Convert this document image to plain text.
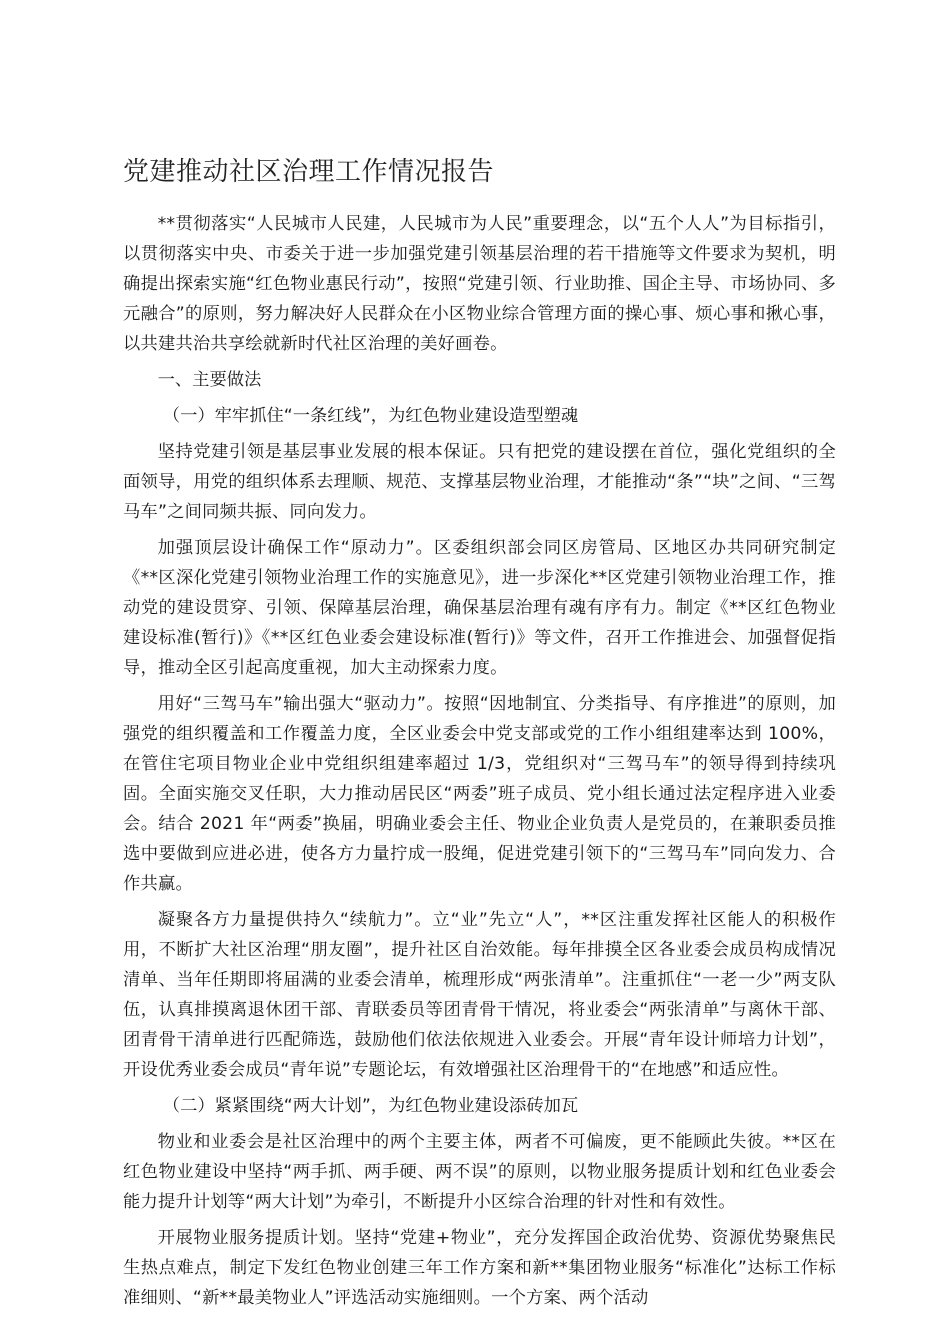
党建推动社区治理工作情况报告

**贯彻落实“人民城市人民建，人民城市为人民”重要理念，以“五个人人”为目标指引，以贯彻落实中央、市委关于进一步加强党建引领基层治理的若干措施等文件要求为契机，明确提出探索实施“红色物业惠民行动”，按照“党建引领、行业助推、国企主导、市场协同、多元融合”的原则，努力解决好人民群众在小区物业综合管理方面的操心事、烦心事和揪心事，以共建共治共享绘就新时代社区治理的美好画卷。

一、主要做法

（一）牢牢抓住“一条红线”，为红色物业建设造型塑魂

坚持党建引领是基层事业发展的根本保证。只有把党的建设摆在首位，强化党组织的全面领导，用党的组织体系去理顺、规范、支撑基层物业治理，才能推动“条”“块”之间、“三驾马车”之间同频共振、同向发力。

加强顶层设计确保工作“原动力”。区委组织部会同区房管局、区地区办共同研究制定《**区深化党建引领物业治理工作的实施意见》，进一步深化**区党建引领物业治理工作，推动党的建设贯穿、引领、保障基层治理，确保基层治理有魂有序有力。制定《**区红色物业建设标准(暂行)》《**区红色业委会建设标准(暂行)》等文件，召开工作推进会、加强督促指导，推动全区引起高度重视，加大主动探索力度。

用好“三驾马车”输出强大“驱动力”。按照“因地制宜、分类指导、有序推进”的原则，加强党的组织覆盖和工作覆盖力度，全区业委会中党支部或党的工作小组组建率达到 100%，在管住宅项目物业企业中党组织组建率超过 1/3，党组织对“三驾马车”的领导得到持续巩固。全面实施交叉任职，大力推动居民区“两委”班子成员、党小组长通过法定程序进入业委会。结合 2021 年“两委”换届，明确业委会主任、物业企业负责人是党员的，在兼职委员推选中要做到应进必进，使各方力量拧成一股绳，促进党建引领下的“三驾马车”同向发力、合作共赢。

凝聚各方力量提供持久“续航力”。立“业”先立“人”，**区注重发挥社区能人的积极作用，不断扩大社区治理“朋友圈”，提升社区自治效能。每年排摸全区各业委会成员构成情况清单、当年任期即将届满的业委会清单，梳理形成“两张清单”。注重抓住“一老一少”两支队伍，认真排摸离退休团干部、青联委员等团青骨干情况，将业委会“两张清单”与离休干部、团青骨干清单进行匹配筛选，鼓励他们依法依规进入业委会。开展“青年设计师培力计划”，开设优秀业委会成员“青年说”专题论坛，有效增强社区治理骨干的“在地感”和适应性。

（二）紧紧围绕“两大计划”，为红色物业建设添砖加瓦

物业和业委会是社区治理中的两个主要主体，两者不可偏废，更不能顾此失彼。**区在红色物业建设中坚持“两手抓、两手硬、两不误”的原则，以物业服务提质计划和红色业委会能力提升计划等“两大计划”为牵引，不断提升小区综合治理的针对性和有效性。

开展物业服务提质计划。坚持“党建+物业”，充分发挥国企政治优势、资源优势聚焦民生热点难点，制定下发红色物业创建三年工作方案和新**集团物业服务“标准化”达标工作标准细则、“新**最美物业人”评选活动实施细则。一个方案、两个活动
